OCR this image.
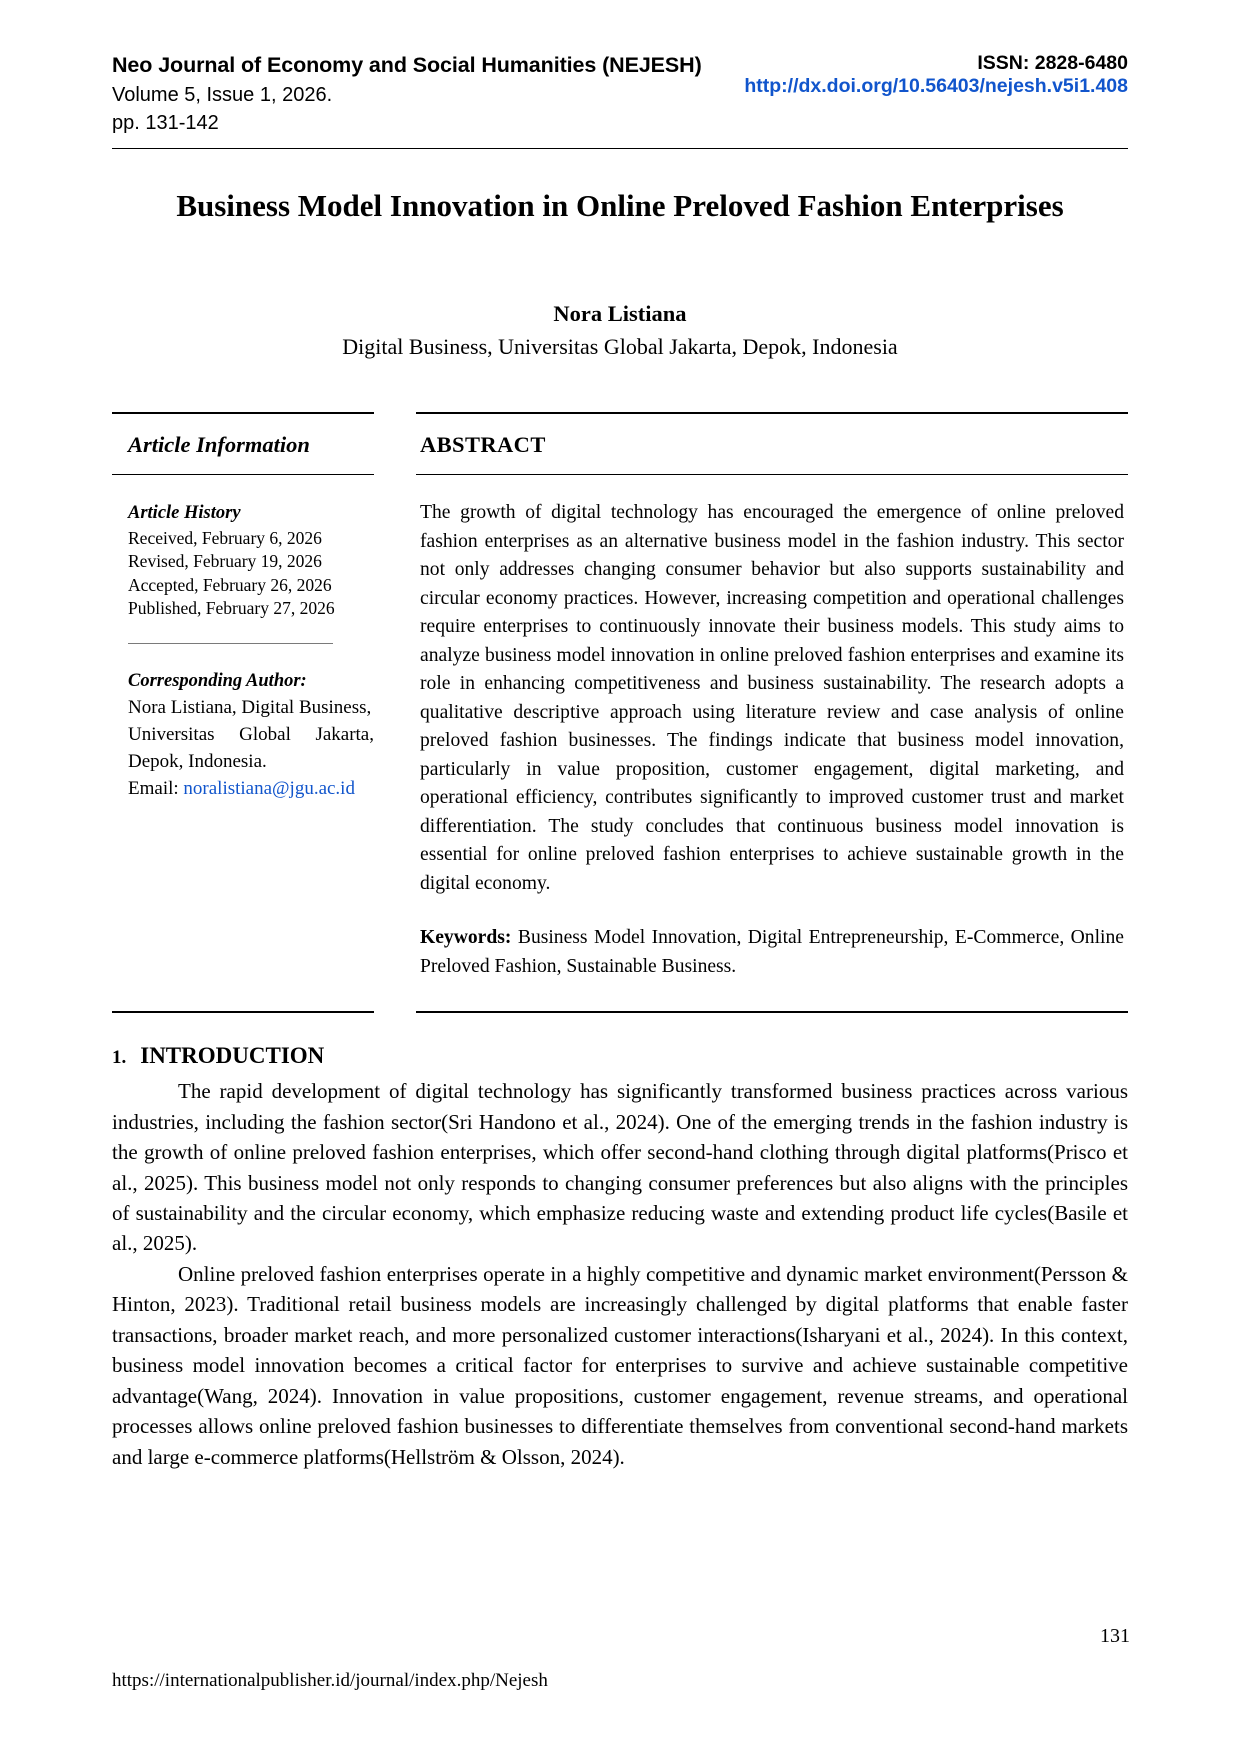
Neo Journal of Economy and Social Humanities (NEJESH)
Volume 5, Issue 1, 2026.
pp. 131-142
ISSN: 2828-6480
http://dx.doi.org/10.56403/nejesh.v5i1.408
Business Model Innovation in Online Preloved Fashion Enterprises
Nora Listiana
Digital Business, Universitas Global Jakarta, Depok, Indonesia
Article Information
Article History
Received, February 6, 2026
Revised, February 19, 2026
Accepted, February 26, 2026
Published, February 27, 2026
Corresponding Author:
Nora Listiana, Digital Business,
Universitas Global Jakarta,
Depok, Indonesia.
Email: noralistiana@jgu.ac.id
ABSTRACT
The growth of digital technology has encouraged the emergence of online preloved fashion enterprises as an alternative business model in the fashion industry. This sector not only addresses changing consumer behavior but also supports sustainability and circular economy practices. However, increasing competition and operational challenges require enterprises to continuously innovate their business models. This study aims to analyze business model innovation in online preloved fashion enterprises and examine its role in enhancing competitiveness and business sustainability. The research adopts a qualitative descriptive approach using literature review and case analysis of online preloved fashion businesses. The findings indicate that business model innovation, particularly in value proposition, customer engagement, digital marketing, and operational efficiency, contributes significantly to improved customer trust and market differentiation. The study concludes that continuous business model innovation is essential for online preloved fashion enterprises to achieve sustainable growth in the digital economy.
Keywords: Business Model Innovation, Digital Entrepreneurship, E-Commerce, Online Preloved Fashion, Sustainable Business.
1. INTRODUCTION
The rapid development of digital technology has significantly transformed business practices across various industries, including the fashion sector(Sri Handono et al., 2024). One of the emerging trends in the fashion industry is the growth of online preloved fashion enterprises, which offer second-hand clothing through digital platforms(Prisco et al., 2025). This business model not only responds to changing consumer preferences but also aligns with the principles of sustainability and the circular economy, which emphasize reducing waste and extending product life cycles(Basile et al., 2025).
Online preloved fashion enterprises operate in a highly competitive and dynamic market environment(Persson & Hinton, 2023). Traditional retail business models are increasingly challenged by digital platforms that enable faster transactions, broader market reach, and more personalized customer interactions(Isharyani et al., 2024). In this context, business model innovation becomes a critical factor for enterprises to survive and achieve sustainable competitive advantage(Wang, 2024). Innovation in value propositions, customer engagement, revenue streams, and operational processes allows online preloved fashion businesses to differentiate themselves from conventional second-hand markets and large e-commerce platforms(Hellström & Olsson, 2024).
131
https://internationalpublisher.id/journal/index.php/Nejesh
